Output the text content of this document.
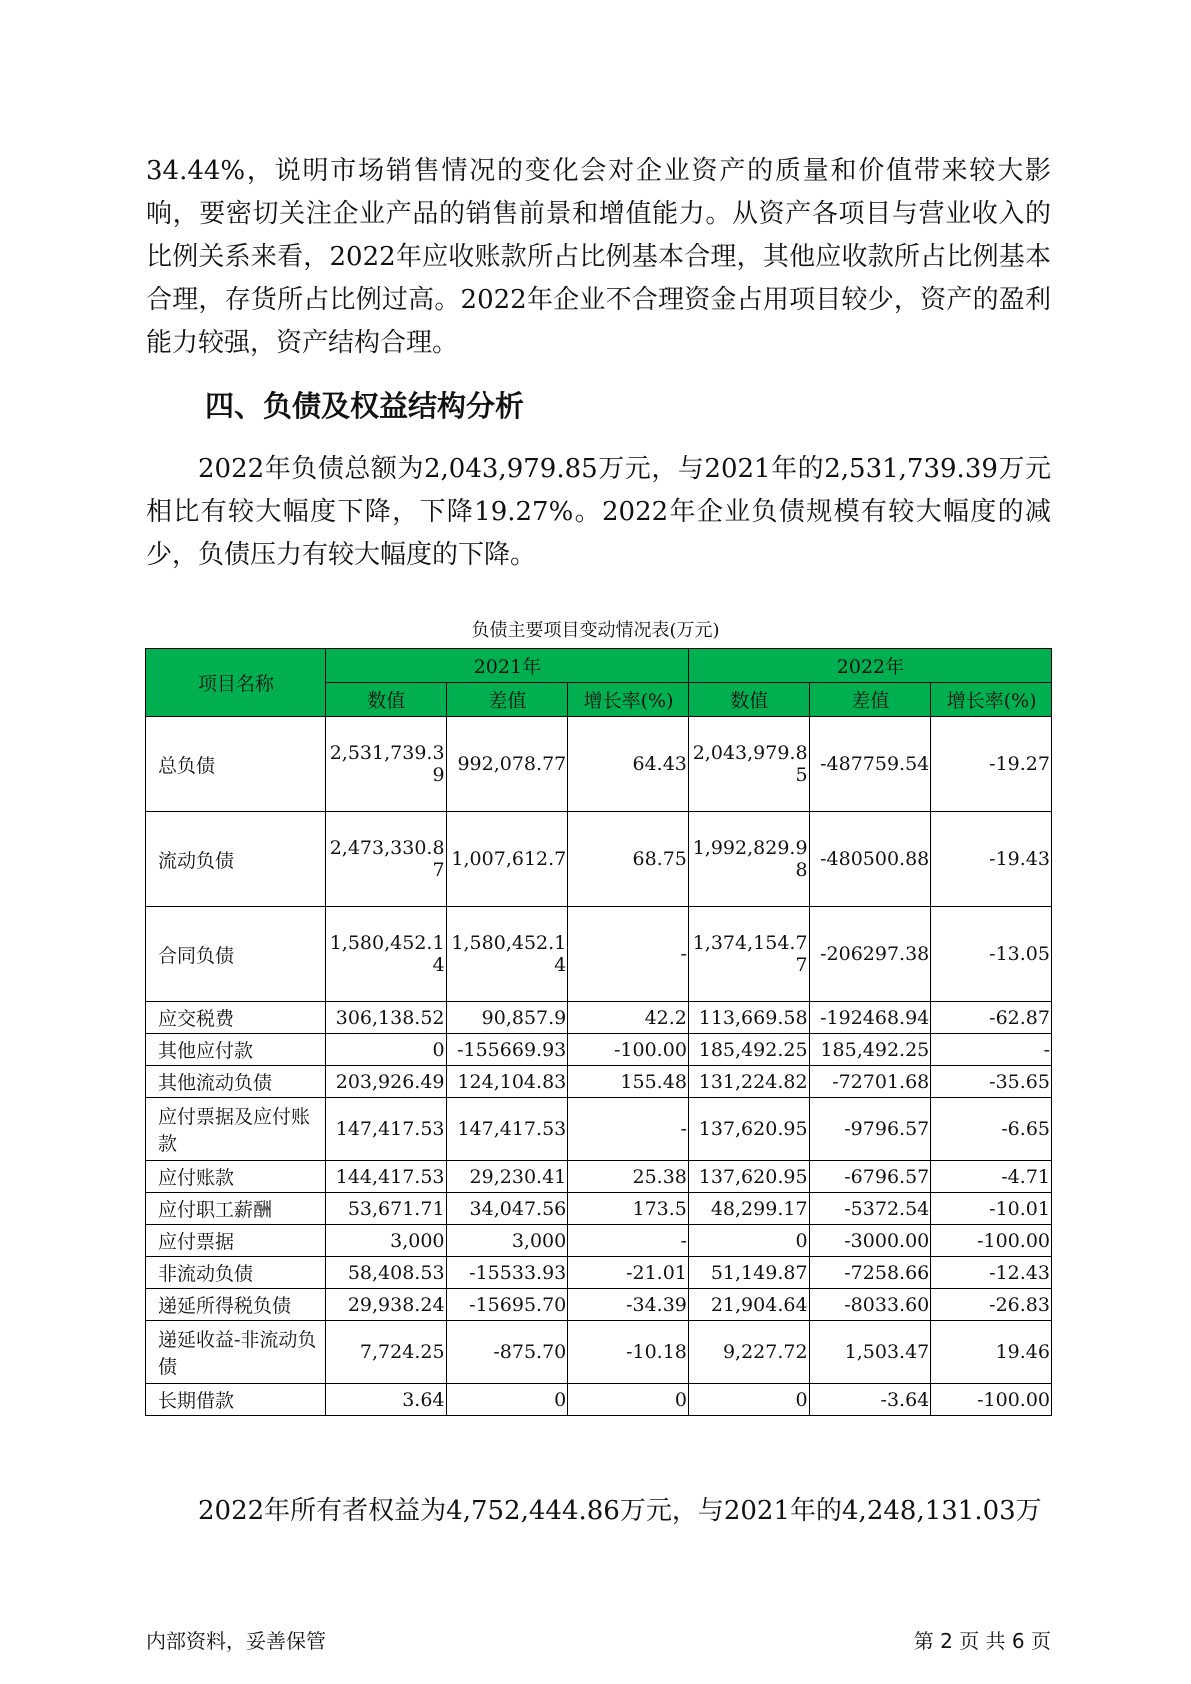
34.44%，说明市场销售情况的变化会对企业资产的质量和价值带来较大影响，要密切关注企业产品的销售前景和增值能力。从资产各项目与营业收入的比例关系来看，2022年应收账款所占比例基本合理，其他应收款所占比例基本合理，存货所占比例过高。2022年企业不合理资金占用项目较少，资产的盈利能力较强，资产结构合理。

四、负债及权益结构分析

2022年负债总额为2,043,979.85万元，与2021年的2,531,739.39万元相比有较大幅度下降，下降19.27%。2022年企业负债规模有较大幅度的减少，负债压力有较大幅度的下降。

负债主要项目变动情况表(万元)
项目名称	2021年			2022年		
	数值	差值	增长率(%)	数值	差值	增长率(%)
总负债	2,531,739.39	992,078.77	64.43	2,043,979.85	-487759.54	-19.27
流动负债	2,473,330.87	1,007,612.7	68.75	1,992,829.98	-480500.88	-19.43
合同负债	1,580,452.14	1,580,452.14	-	1,374,154.77	-206297.38	-13.05
应交税费	306,138.52	90,857.9	42.2	113,669.58	-192468.94	-62.87
其他应付款	0	-155669.93	-100.00	185,492.25	185,492.25	-
其他流动负债	203,926.49	124,104.83	155.48	131,224.82	-72701.68	-35.65
应付票据及应付账款	147,417.53	147,417.53	-	137,620.95	-9796.57	-6.65
应付账款	144,417.53	29,230.41	25.38	137,620.95	-6796.57	-4.71
应付职工薪酬	53,671.71	34,047.56	173.5	48,299.17	-5372.54	-10.01
应付票据	3,000	3,000	-	0	-3000.00	-100.00
非流动负债	58,408.53	-15533.93	-21.01	51,149.87	-7258.66	-12.43
递延所得税负债	29,938.24	-15695.70	-34.39	21,904.64	-8033.60	-26.83
递延收益-非流动负债	7,724.25	-875.70	-10.18	9,227.72	1,503.47	19.46
长期借款	3.64	0	0	0	-3.64	-100.00

2022年所有者权益为4,752,444.86万元，与2021年的4,248,131.03万

内部资料，妥善保管	第 2 页 共 6 页
